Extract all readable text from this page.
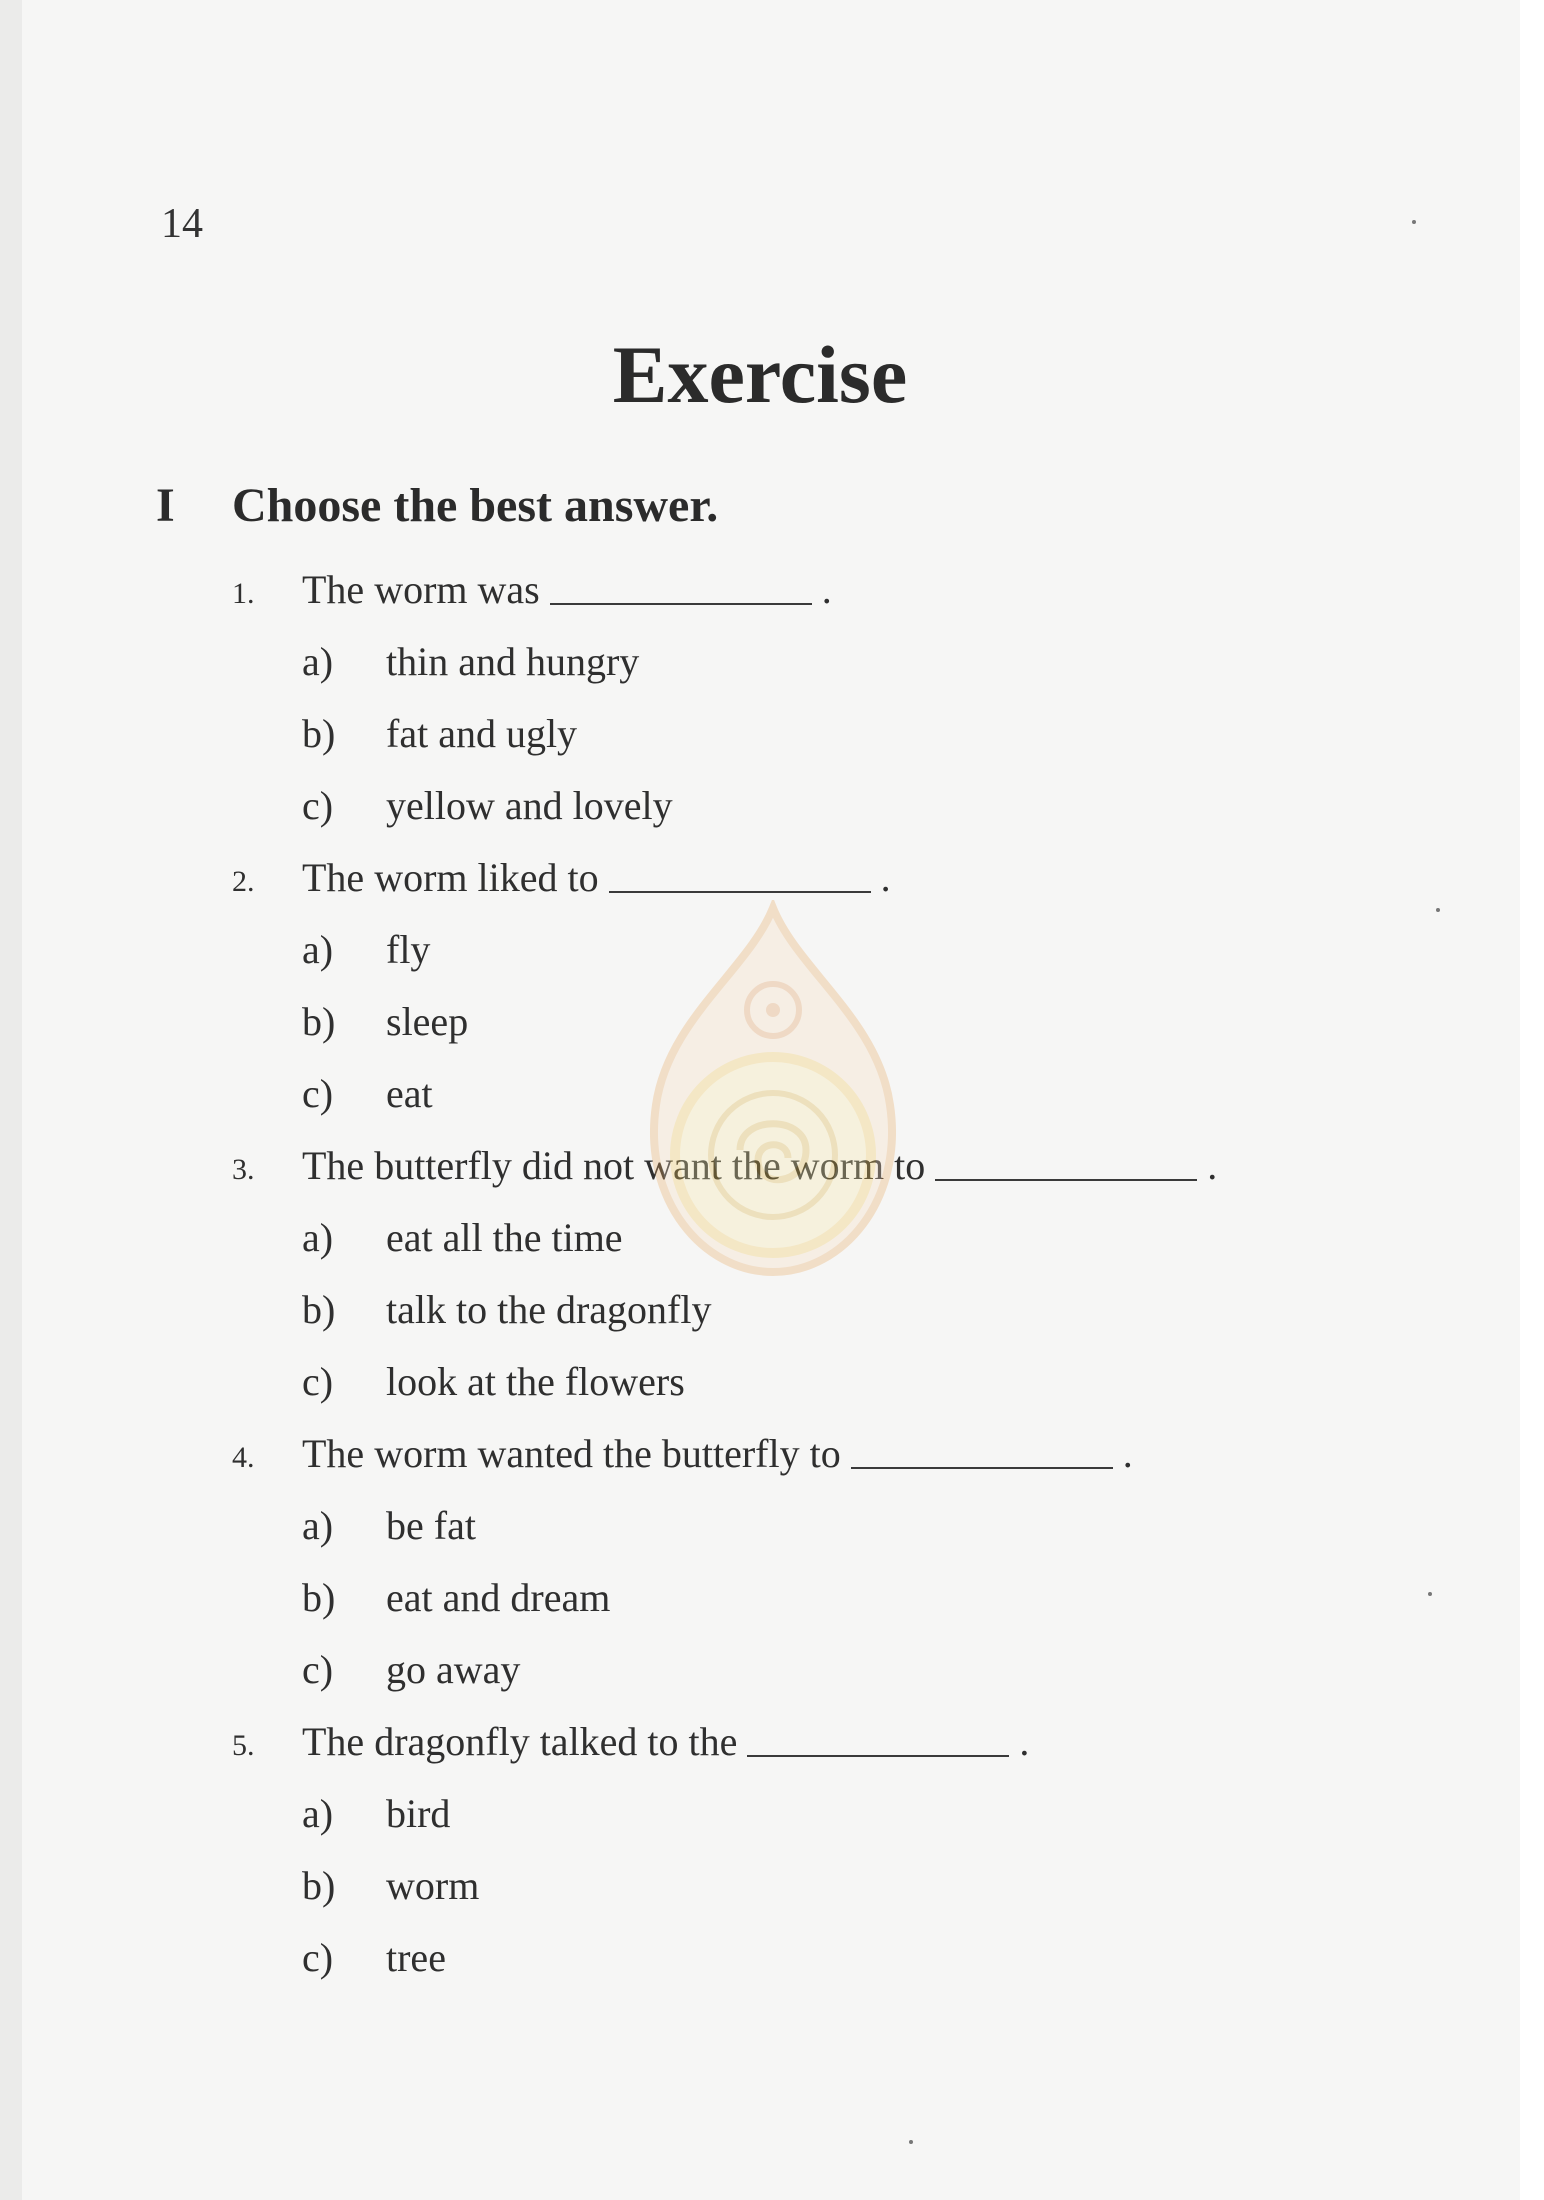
14

Exercise
I Choose the best answer.
1. The worm was	.
a) thin and hungry
b) fat and ugly
c) yellow and lovely
2. The worm liked to	.
a) fly
b) sleep
c) eat
3. The butterfly did not want the worm to	.
a) eat all the time
b) talk to the dragonfly
c) look at the flowers
4. The worm wanted the butterfly to	.
a) be fat
b) eat and dream
c) go away
5. The dragonfly talked to the	.
a) bird
b) worm
c) tree
